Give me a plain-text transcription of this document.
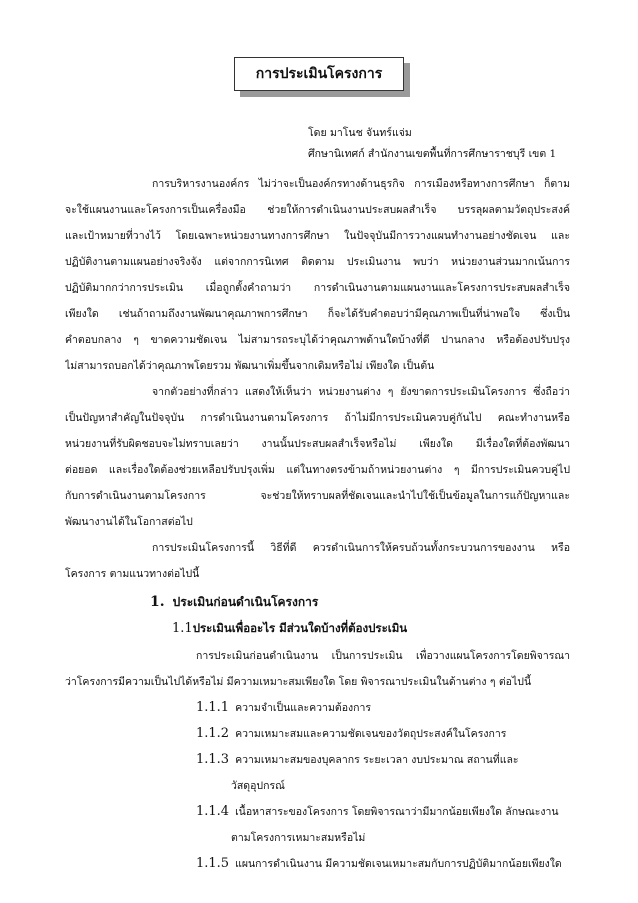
การประเมินโครงการ
โดย มาโนช จันทร์แจ่ม
ศึกษานิเทศก์ สำนักงานเขตพื้นที่การศึกษาราชบุรี เขต 1
การบริหารงานองค์กร ไม่ว่าจะเป็นองค์กรทางด้านธุรกิจ การเมืองหรือทางการศึกษา ก็ตาม
จะใช้แผนงานและโครงการเป็นเครื่องมือ ช่วยให้การดำเนินงานประสบผลสำเร็จ บรรลุผลตามวัตถุประสงค์
และเป้าหมายที่วางไว้ โดยเฉพาะหน่วยงานทางการศึกษา ในปัจจุบันมีการวางแผนทำงานอย่างชัดเจน และ
ปฏิบัติงานตามแผนอย่างจริงจัง แต่จากการนิเทศ ติดตาม ประเมินงาน พบว่า หน่วยงานส่วนมากเน้นการ
ปฏิบัติมากกว่าการประเมิน เมื่อถูกตั้งคำถามว่า การดำเนินงานตามแผนงานและโครงการประสบผลสำเร็จ
เพียงใด เช่นถ้าถามถึงงานพัฒนาคุณภาพการศึกษา ก็จะได้รับคำตอบว่ามีคุณภาพเป็นที่น่าพอใจ ซึ่งเป็น
คำตอบกลาง ๆ ขาดความชัดเจน ไม่สามารถระบุได้ว่าคุณภาพด้านใดบ้างที่ดี ปานกลาง หรือต้องปรับปรุง
ไม่สามารถบอกได้ว่าคุณภาพโดยรวม พัฒนาเพิ่มขึ้นจากเดิมหรือไม่ เพียงใด เป็นต้น
จากตัวอย่างที่กล่าว แสดงให้เห็นว่า หน่วยงานต่าง ๆ ยังขาดการประเมินโครงการ ซึ่งถือว่า
เป็นปัญหาสำคัญในปัจจุบัน การดำเนินงานตามโครงการ ถ้าไม่มีการประเมินควบคู่กันไป คณะทำงานหรือ
หน่วยงานที่รับผิดชอบจะไม่ทราบเลยว่า งานนั้นประสบผลสำเร็จหรือไม่ เพียงใด มีเรื่องใดที่ต้องพัฒนา
ต่อยอด และเรื่องใดต้องช่วยเหลือปรับปรุงเพิ่ม แต่ในทางตรงข้ามถ้าหน่วยงานต่าง ๆ มีการประเมินควบคู่ไป
กับการดำเนินงานตามโครงการ จะช่วยให้ทราบผลที่ชัดเจนและนำไปใช้เป็นข้อมูลในการแก้ปัญหาและ
พัฒนางานได้ในโอกาสต่อไป
การประเมินโครงการนี้ วิธีที่ดี ควรดำเนินการให้ครบถ้วนทั้งกระบวนการของงาน หรือ
โครงการ ตามแนวทางต่อไปนี้
1. ประเมินก่อนดำเนินโครงการ
1.1ประเมินเพื่ออะไร มีส่วนใดบ้างที่ต้องประเมิน
การประเมินก่อนดำเนินงาน เป็นการประเมิน เพื่อวางแผนโครงการโดยพิจารณา
ว่าโครงการมีความเป็นไปได้หรือไม่ มีความเหมาะสมเพียงใด โดย พิจารณาประเมินในด้านต่าง ๆ ต่อไปนี้
1.1.1 ความจำเป็นและความต้องการ
1.1.2 ความเหมาะสมและความชัดเจนของวัตถุประสงค์ในโครงการ
1.1.3 ความเหมาะสมของบุคลากร ระยะเวลา งบประมาณ สถานที่และ
วัสดุอุปกรณ์
1.1.4 เนื้อหาสาระของโครงการ โดยพิจารณาว่ามีมากน้อยเพียงใด ลักษณะงาน
ตามโครงการเหมาะสมหรือไม่
1.1.5 แผนการดำเนินงาน มีความชัดเจนเหมาะสมกับการปฏิบัติมากน้อยเพียงใด
